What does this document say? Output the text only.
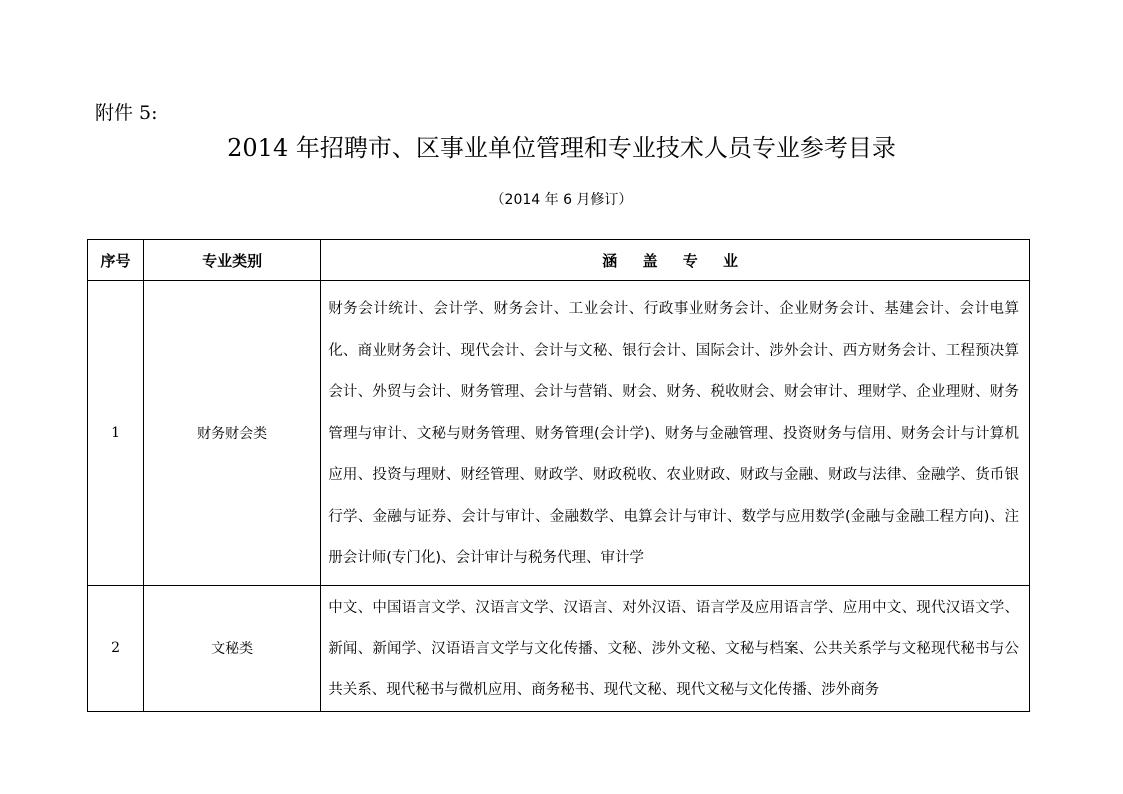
附件 5:
2014 年招聘市、区事业单位管理和专业技术人员专业参考目录
（2014 年 6 月修订）
序号	专业类别	涵 盖 专 业
1	财务财会类	财务会计统计、会计学、财务会计、工业会计、行政事业财务会计、企业财务会计、基建会计、会计电算化、商业财务会计、现代会计、会计与文秘、银行会计、国际会计、涉外会计、西方财务会计、工程预决算会计、外贸与会计、财务管理、会计与营销、财会、财务、税收财会、财会审计、理财学、企业理财、财务管理与审计、文秘与财务管理、财务管理(会计学)、财务与金融管理、投资财务与信用、财务会计与计算机应用、投资与理财、财经管理、财政学、财政税收、农业财政、财政与金融、财政与法律、金融学、货币银行学、金融与证券、会计与审计、金融数学、电算会计与审计、数学与应用数学(金融与金融工程方向)、注册会计师(专门化)、会计审计与税务代理、审计学
2	文秘类	中文、中国语言文学、汉语言文学、汉语言、对外汉语、语言学及应用语言学、应用中文、现代汉语文学、新闻、新闻学、汉语语言文学与文化传播、文秘、涉外文秘、文秘与档案、公共关系学与文秘现代秘书与公共关系、现代秘书与微机应用、商务秘书、现代文秘、现代文秘与文化传播、涉外商务
